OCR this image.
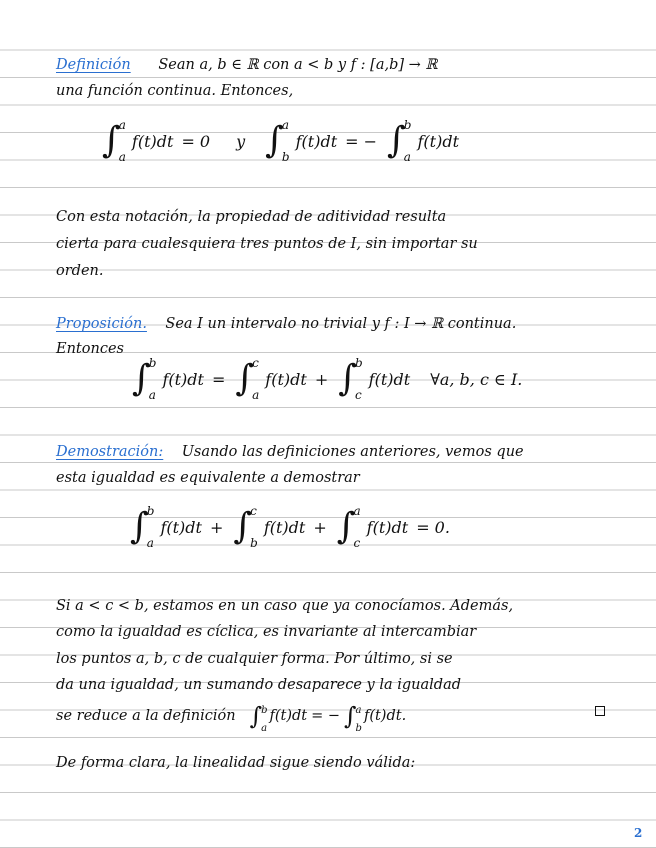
Definición Sean a, b ∈ ℝ con a < b y f : [a,b] → ℝ
una función continua. Entonces,
∫
a
a
f(t)dt = 0 y ∫
a
b
f(t)dt = − ∫
b
a
f(t)dt
Con esta notación, la propiedad de aditividad resulta
cierta para cualesquiera tres puntos de I, sin importar su
orden.
Proposición. Sea I un intervalo no trivial y f : I → ℝ continua.
Entonces
∫
b
a
f(t)dt = ∫
c
a
f(t)dt + ∫
b
c
f(t)dt ∀a, b, c ∈ I.
Demostración: Usando las definiciones anteriores, vemos que
esta igualdad es equivalente a demostrar
∫
b
a
f(t)dt + ∫
c
b
f(t)dt + ∫
a
c
f(t)dt = 0.
Si a < c < b, estamos en un caso que ya conocíamos. Además,
como la igualdad es cíclica, es invariante al intercambiar
los puntos a, b, c de cualquier forma. Por último, si se
da una igualdad, un sumando desaparece y la igualdad
se reduce a la definición ∫ b
a
f(t)dt = − ∫ a
b
f(t)dt.
De forma clara, la linealidad sigue siendo válida:
2
